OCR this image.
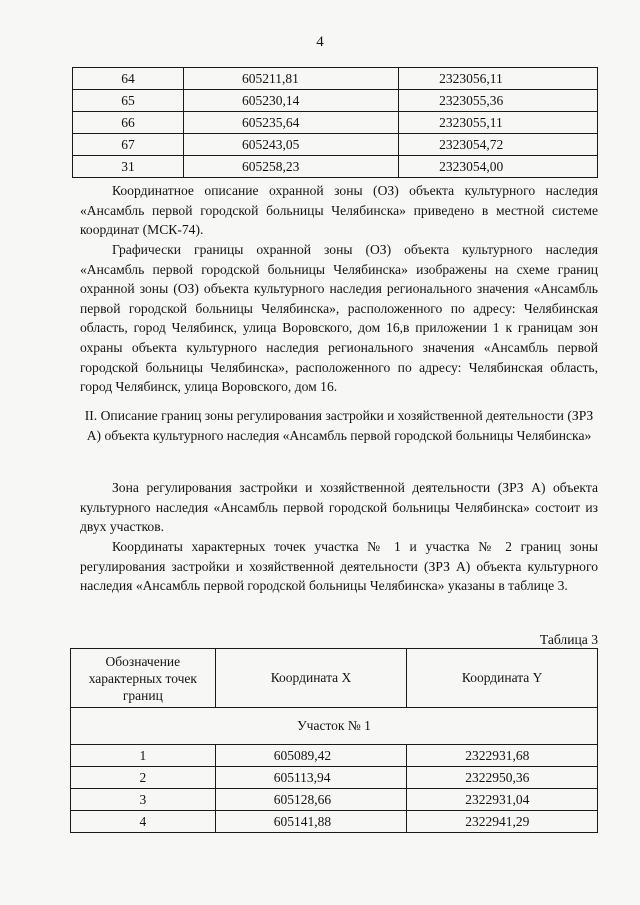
4
64	605211,81	2323056,11
65	605230,14	2323055,36
66	605235,64	2323055,11
67	605243,05	2323054,72
31	605258,23	2323054,00

Координатное описание охранной зоны (ОЗ) объекта культурного наследия «Ансамбль первой городской больницы Челябинска» приведено в местной системе координат (МСК-74).

Графически границы охранной зоны (ОЗ) объекта культурного наследия «Ансамбль первой городской больницы Челябинска» изображены на схеме границ охранной зоны (ОЗ) объекта культурного наследия регионального значения «Ансамбль первой городской больницы Челябинска», расположенного по адресу: Челябинская область, город Челябинск, улица Воровского, дом 16,в приложении 1 к границам зон охраны объекта культурного наследия регионального значения «Ансамбль первой городской больницы Челябинска», расположенного по адресу: Челябинская область, город Челябинск, улица Воровского, дом 16.

II. Описание границ зоны регулирования застройки и хозяйственной деятельности (ЗРЗ А) объекта культурного наследия «Ансамбль первой городской больницы Челябинска»

Зона регулирования застройки и хозяйственной деятельности (ЗРЗ А) объекта культурного наследия «Ансамбль первой городской больницы Челябинска» состоит из двух участков.

Координаты характерных точек участка № 1 и участка № 2 границ зоны регулирования застройки и хозяйственной деятельности (ЗРЗ А) объекта культурного наследия «Ансамбль первой городской больницы Челябинска» указаны в таблице 3.

Таблица 3
Обозначение характерных точек границ	Координата X	Координата Y
Участок № 1		
1	605089,42	2322931,68
2	605113,94	2322950,36
3	605128,66	2322931,04
4	605141,88	2322941,29
